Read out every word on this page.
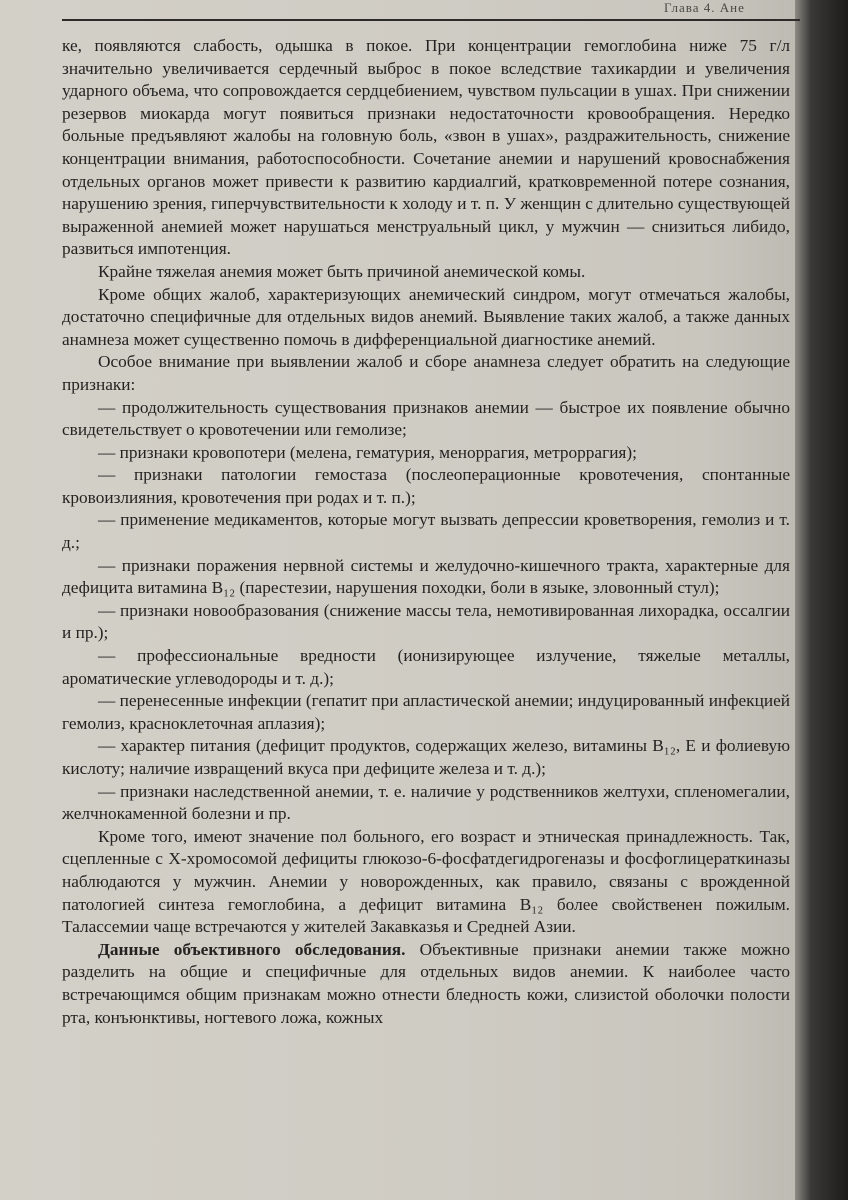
Глава 4. Ане

ке, появляются слабость, одышка в покое. При концентрации гемоглобина ниже 75 г/л значительно увеличивается сердечный выброс в покое вследствие тахикардии и увеличения ударного объема, что сопровождается сердцебиением, чувством пульсации в ушах. При снижении резервов миокарда могут появиться признаки недостаточности кровообращения. Нередко больные предъявляют жалобы на головную боль, «звон в ушах», раздражительность, снижение концентрации внимания, работоспособности. Сочетание анемии и нарушений кровоснабжения отдельных органов может привести к развитию кардиалгий, кратковременной потере сознания, нарушению зрения, гиперчувствительности к холоду и т. п. У женщин с длительно существующей выраженной анемией может нарушаться менструальный цикл, у мужчин — снизиться либидо, развиться импотенция.

Крайне тяжелая анемия может быть причиной анемической комы.

Кроме общих жалоб, характеризующих анемический синдром, могут отмечаться жалобы, достаточно специфичные для отдельных видов анемий. Выявление таких жалоб, а также данных анамнеза может существенно помочь в дифференциальной диагностике анемий.

Особое внимание при выявлении жалоб и сборе анамнеза следует обратить на следующие признаки:

— продолжительность существования признаков анемии — быстрое их появление обычно свидетельствует о кровотечении или гемолизе;

— признаки кровопотери (мелена, гематурия, меноррагия, метроррагия);

— признаки патологии гемостаза (послеоперационные кровотечения, спонтанные кровоизлияния, кровотечения при родах и т. п.);

— применение медикаментов, которые могут вызвать депрессии кроветворения, гемолиз и т. д.;

— признаки поражения нервной системы и желудочно-кишечного тракта, характерные для дефицита витамина B₁₂ (парестезии, нарушения походки, боли в языке, зловонный стул);

— признаки новообразования (снижение массы тела, немотивированная лихорадка, оссалгии и пр.);

— профессиональные вредности (ионизирующее излучение, тяжелые металлы, ароматические углеводороды и т. д.);

— перенесенные инфекции (гепатит при апластической анемии; индуцированный инфекцией гемолиз, красноклеточная аплазия);

— характер питания (дефицит продуктов, содержащих железо, витамины B₁₂, Е и фолиевую кислоту; наличие извращений вкуса при дефиците железа и т. д.);

— признаки наследственной анемии, т. е. наличие у родственников желтухи, спленомегалии, желчнокаменной болезни и пр.

Кроме того, имеют значение пол больного, его возраст и этническая принадлежность. Так, сцепленные с X-хромосомой дефициты глюкозо-6-фосфатдегидрогеназы и фосфоглицераткиназы наблюдаются у мужчин. Анемии у новорожденных, как правило, связаны с врожденной патологией синтеза гемоглобина, а дефицит витамина B₁₂ более свойственен пожилым. Талассемии чаще встречаются у жителей Закавказья и Средней Азии.

Данные объективного обследования. Объективные признаки анемии также можно разделить на общие и специфичные для отдельных видов анемии. К наиболее часто встречающимся общим признакам можно отнести бледность кожи, слизистой оболочки полости рта, конъюнктивы, ногтевого ложа, кожных
